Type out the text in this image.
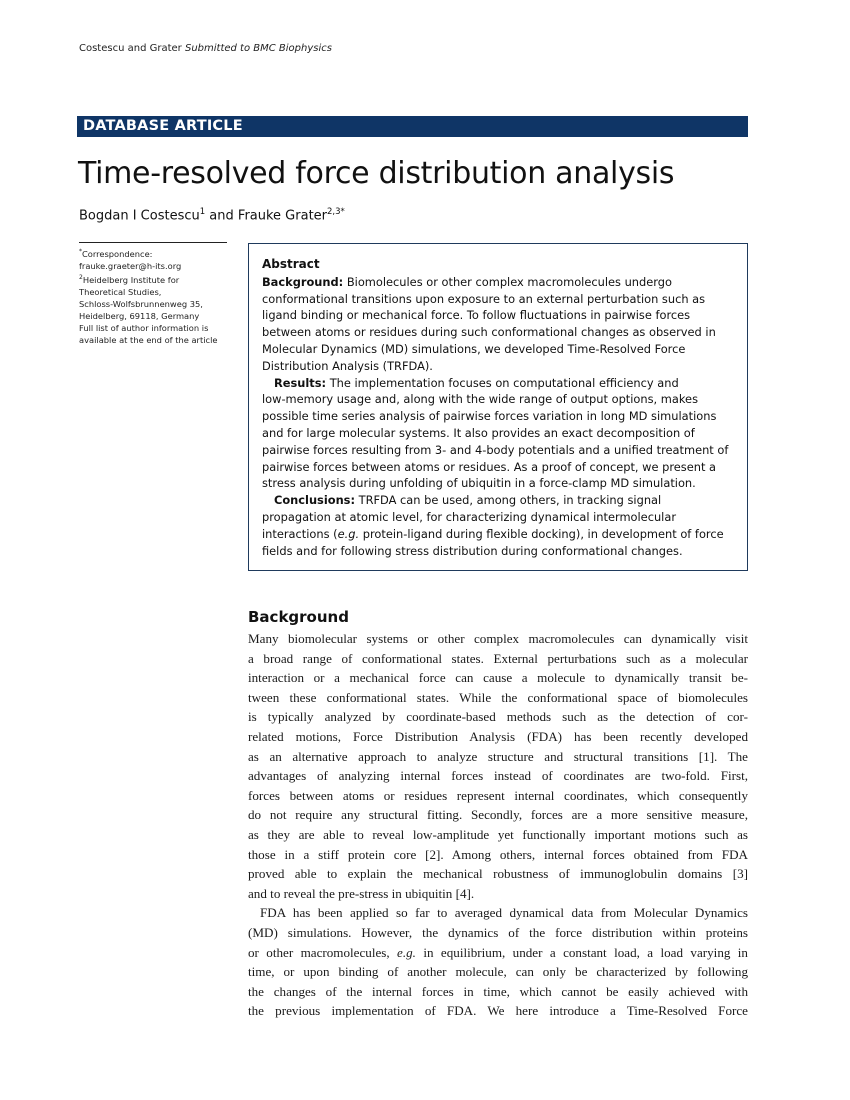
Costescu and Grater Submitted to BMC Biophysics
DATABASE ARTICLE
Time-resolved force distribution analysis
Bogdan I Costescu$^1$ and Frauke Grater$^{2,3*}$
*Correspondence:
frauke.graeter@h-its.org
$^2$Heidelberg Institute for
Theoretical Studies,
Schloss-Wolfsbrunnenweg 35,
Heidelberg, 69118, Germany
Full list of author information is
available at the end of the article
Abstract
Background: Biomolecules or other complex macromolecules undergo
conformational transitions upon exposure to an external perturbation such as
ligand binding or mechanical force. To follow fluctuations in pairwise forces
between atoms or residues during such conformational changes as observed in
Molecular Dynamics (MD) simulations, we developed Time-Resolved Force
Distribution Analysis (TRFDA).
Results: The implementation focuses on computational efficiency and
low-memory usage and, along with the wide range of output options, makes
possible time series analysis of pairwise forces variation in long MD simulations
and for large molecular systems. It also provides an exact decomposition of
pairwise forces resulting from 3- and 4-body potentials and a unified treatment of
pairwise forces between atoms or residues. As a proof of concept, we present a
stress analysis during unfolding of ubiquitin in a force-clamp MD simulation.
Conclusions: TRFDA can be used, among others, in tracking signal
propagation at atomic level, for characterizing dynamical intermolecular
interactions (e.g. protein-ligand during flexible docking), in development of force
fields and for following stress distribution during conformational changes.
Background
Many biomolecular systems or other complex macromolecules can dynamically visit
a broad range of conformational states. External perturbations such as a molecular
interaction or a mechanical force can cause a molecule to dynamically transit be-
tween these conformational states. While the conformational space of biomolecules
is typically analyzed by coordinate-based methods such as the detection of cor-
related motions, Force Distribution Analysis (FDA) has been recently developed
as an alternative approach to analyze structure and structural transitions [1]. The
advantages of analyzing internal forces instead of coordinates are two-fold. First,
forces between atoms or residues represent internal coordinates, which consequently
do not require any structural fitting. Secondly, forces are a more sensitive measure,
as they are able to reveal low-amplitude yet functionally important motions such as
those in a stiff protein core [2]. Among others, internal forces obtained from FDA
proved able to explain the mechanical robustness of immunoglobulin domains [3]
and to reveal the pre-stress in ubiquitin [4].
FDA has been applied so far to averaged dynamical data from Molecular Dynamics
(MD) simulations. However, the dynamics of the force distribution within proteins
or other macromolecules, e.g. in equilibrium, under a constant load, a load varying in
time, or upon binding of another molecule, can only be characterized by following
the changes of the internal forces in time, which cannot be easily achieved with
the previous implementation of FDA. We here introduce a Time-Resolved Force
